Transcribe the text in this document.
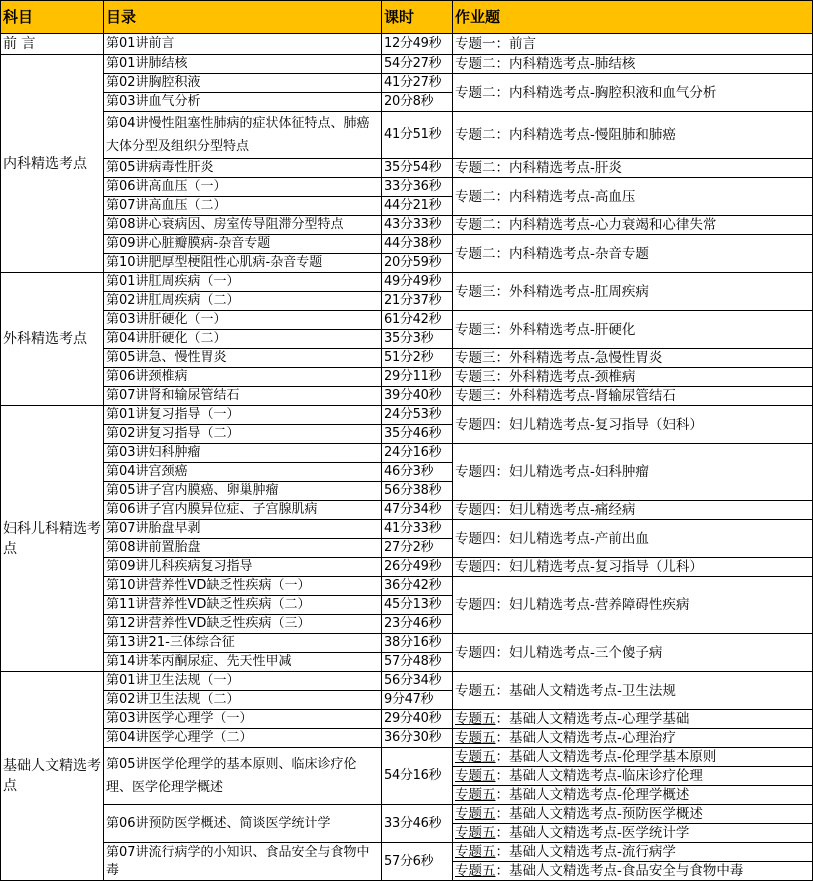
科目	目录	课时	作业题
前 言	第01讲前言	12分49秒	专题一：前言
内科精选考点	第01讲肺结核	54分27秒	专题二：内科精选考点-肺结核
	第02讲胸腔积液	41分27秒	专题二：内科精选考点-胸腔积液和血气分析
	第03讲血气分析	20分8秒	
	第04讲慢性阻塞性肺病的症状体征特点、肺癌大体分型及组织分型特点	41分51秒	专题二：内科精选考点-慢阻肺和肺癌
	第05讲病毒性肝炎	35分54秒	专题二：内科精选考点-肝炎
	第06讲高血压（一）	33分36秒	专题二：内科精选考点-高血压
	第07讲高血压（二）	44分21秒	
	第08讲心衰病因、房室传导阻滞分型特点	43分33秒	专题二：内科精选考点-心力衰竭和心律失常
	第09讲心脏瓣膜病-杂音专题	44分38秒	专题二：内科精选考点-杂音专题
	第10讲肥厚型梗阻性心肌病-杂音专题	20分59秒	
外科精选考点	第01讲肛周疾病（一）	49分49秒	专题三：外科精选考点-肛周疾病
	第02讲肛周疾病（二）	21分37秒	
	第03讲肝硬化（一）	61分42秒	专题三：外科精选考点-肝硬化
	第04讲肝硬化（二）	35分3秒	
	第05讲急、慢性胃炎	51分2秒	专题三：外科精选考点-急慢性胃炎
	第06讲颈椎病	29分11秒	专题三：外科精选考点-颈椎病
	第07讲肾和输尿管结石	39分40秒	专题三：外科精选考点-肾输尿管结石
妇科儿科精选考点	第01讲复习指导（一）	24分53秒	专题四：妇儿精选考点-复习指导（妇科）
	第02讲复习指导（二）	35分46秒	
	第03讲妇科肿瘤	24分16秒	专题四：妇儿精选考点-妇科肿瘤
	第04讲宫颈癌	46分3秒	
	第05讲子宫内膜癌、卵巢肿瘤	56分38秒	
	第06讲子宫内膜异位症、子宫腺肌病	47分34秒	专题四：妇儿精选考点-痛经病
	第07讲胎盘早剥	41分33秒	专题四：妇儿精选考点-产前出血
	第08讲前置胎盘	27分2秒	
	第09讲儿科疾病复习指导	26分49秒	专题四：妇儿精选考点-复习指导（儿科）
	第10讲营养性VD缺乏性疾病（一）	36分42秒	专题四：妇儿精选考点-营养障碍性疾病
	第11讲营养性VD缺乏性疾病（二）	45分13秒	
	第12讲营养性VD缺乏性疾病（三）	23分46秒	
	第13讲21-三体综合征	38分16秒	专题四：妇儿精选考点-三个傻子病
	第14讲苯丙酮尿症、先天性甲减	57分48秒	
基础人文精选考点	第01讲卫生法规（一）	56分34秒	专题五：基础人文精选考点-卫生法规
	第02讲卫生法规（二）	9分47秒	
	第03讲医学心理学（一）	29分40秒	专题五：基础人文精选考点-心理学基础
	第04讲医学心理学（二）	36分30秒	专题五：基础人文精选考点-心理治疗
	第05讲医学伦理学的基本原则、临床诊疗伦理、医学伦理学概述	54分16秒	专题五：基础人文精选考点-伦理学基本原则
			专题五：基础人文精选考点-临床诊疗伦理
			专题五：基础人文精选考点-伦理学概述
	第06讲预防医学概述、简谈医学统计学	33分46秒	专题五：基础人文精选考点-预防医学概述
			专题五：基础人文精选考点-医学统计学
	第07讲流行病学的小知识、食品安全与食物中毒	57分6秒	专题五：基础人文精选考点-流行病学
			专题五：基础人文精选考点-食品安全与食物中毒
